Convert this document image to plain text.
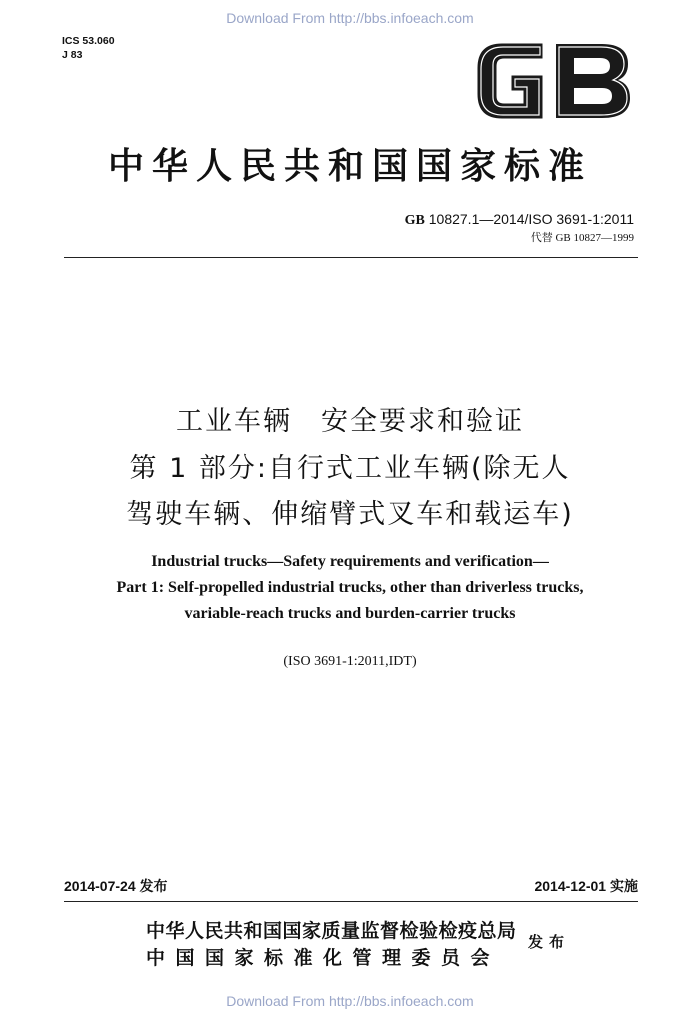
Download From http://bbs.infoeach.com
ICS 53.060
J 83
中华人民共和国国家标准
GB 10827.1—2014/ISO 3691-1:2011
代替 GB 10827—1999
工业车辆　安全要求和验证
第 1 部分:自行式工业车辆(除无人
驾驶车辆、伸缩臂式叉车和载运车)
Industrial trucks—Safety requirements and verification—
Part 1: Self-propelled industrial trucks, other than driverless trucks,
variable-reach trucks and burden-carrier trucks
(ISO 3691-1:2011,IDT)
2014-07-24 发布	2014-12-01 实施
中华人民共和国国家质量监督检验检疫总局
中国国家标准化管理委员会
发布
Download From http://bbs.infoeach.com
